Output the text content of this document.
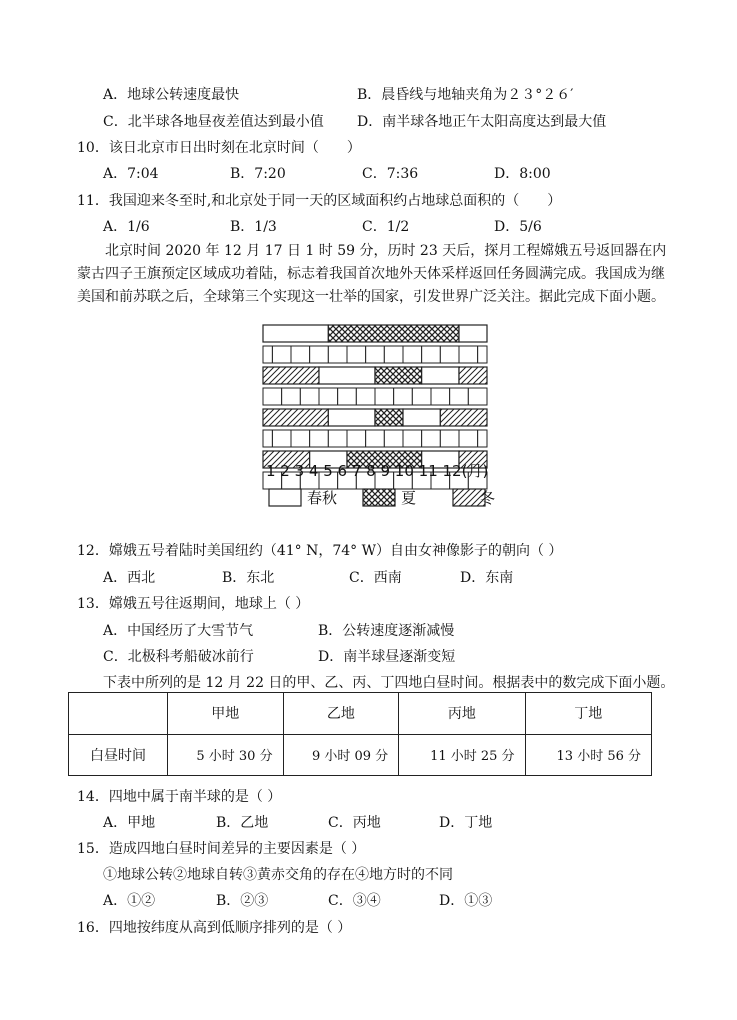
A．地球公转速度最快	B．晨昏线与地轴夹角为２３°２６′
C．北半球各地昼夜差值达到最小值 D．南半球各地正午太阳高度达到最大值
10．该日北京市日出时刻在北京时间（　　）
A．7:04	B．7:20	C．7:36	D．8:00
11．我国迎来冬至时,和北京处于同一天的区域面积约占地球总面积的（　　）
A．1/6	B．1/3	C．1/2	D．5/6
北京时间 2020 年 12 月 17 日 1 时 59 分，历时 23 天后，探月工程嫦娥五号返回器在内蒙古四子王旗预定区域成功着陆，标志着我国首次地外天体采样返回任务圆满完成。我国成为继美国和前苏联之后，全球第三个实现这一壮举的国家，引发世界广泛关注。据此完成下面小题。
1 2 3 4 5 6 7 8 9 10 11 12(月)
春秋	夏	冬
12．嫦娥五号着陆时美国纽约（41° N，74° W）自由女神像影子的朝向（ ）
A．西北	B．东北	C．西南	D．东南
13．嫦娥五号往返期间，地球上（ ）
A．中国经历了大雪节气	B．公转速度逐渐减慢
C．北极科考船破冰前行	D．南半球昼逐渐变短
下表中所列的是 12 月 22 日的甲、乙、丙、丁四地白昼时间。根据表中的数完成下面小题。
	甲地	乙地	丙地	丁地
白昼时间	5 小时 30 分	9 小时 09 分	11 小时 25 分	13 小时 56 分
14．四地中属于南半球的是（ ）
A．甲地	B．乙地	C．丙地	D．丁地
15．造成四地白昼时间差异的主要因素是（ ）
①地球公转②地球自转③黄赤交角的存在④地方时的不同
A．①②	B．②③	C．③④	D．①③
16．四地按纬度从高到低顺序排列的是（ ）
